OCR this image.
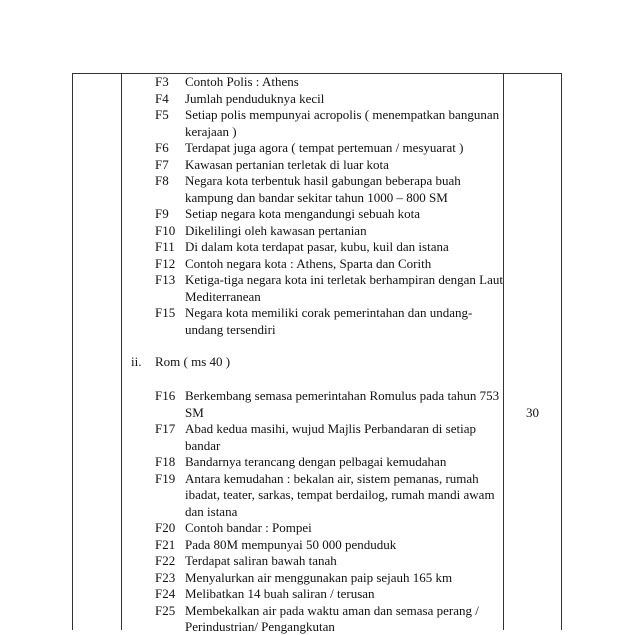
F3 Contoh Polis : Athens
F4 Jumlah penduduknya kecil
F5 Setiap polis mempunyai acropolis ( menempatkan bangunan
kerajaan )
F6 Terdapat juga agora ( tempat pertemuan / mesyuarat )
F7 Kawasan pertanian terletak di luar kota
F8 Negara kota terbentuk hasil gabungan beberapa buah
kampung dan bandar sekitar tahun 1000 – 800 SM
F9 Setiap negara kota mengandungi sebuah kota
F10 Dikelilingi oleh kawasan pertanian
F11 Di dalam kota terdapat pasar, kubu, kuil dan istana
F12 Contoh negara kota : Athens, Sparta dan Corith
F13 Ketiga-tiga negara kota ini terletak berhampiran dengan Laut
Mediterranean
F15 Negara kota memiliki corak pemerintahan dan undang-
undang tersendiri
F16 Berkembang semasa pemerintahan Romulus pada tahun 753
SM
F17 Abad kedua masihi, wujud Majlis Perbandaran di setiap
bandar
F18 Bandarnya terancang dengan pelbagai kemudahan
F19 Antara kemudahan : bekalan air, sistem pemanas, rumah
ibadat, teater, sarkas, tempat berdailog, rumah mandi awam
dan istana
F20 Contoh bandar : Pompei
F21 Pada 80M mempunyai 50 000 penduduk
F22 Terdapat saliran bawah tanah
F23 Menyalurkan air menggunakan paip sejauh 165 km
F24 Melibatkan 14 buah saliran / terusan
F25 Membekalkan air pada waktu aman dan semasa perang /
Perindustrian/ Pengangkutan
ii. Rom ( ms 40 )
30
